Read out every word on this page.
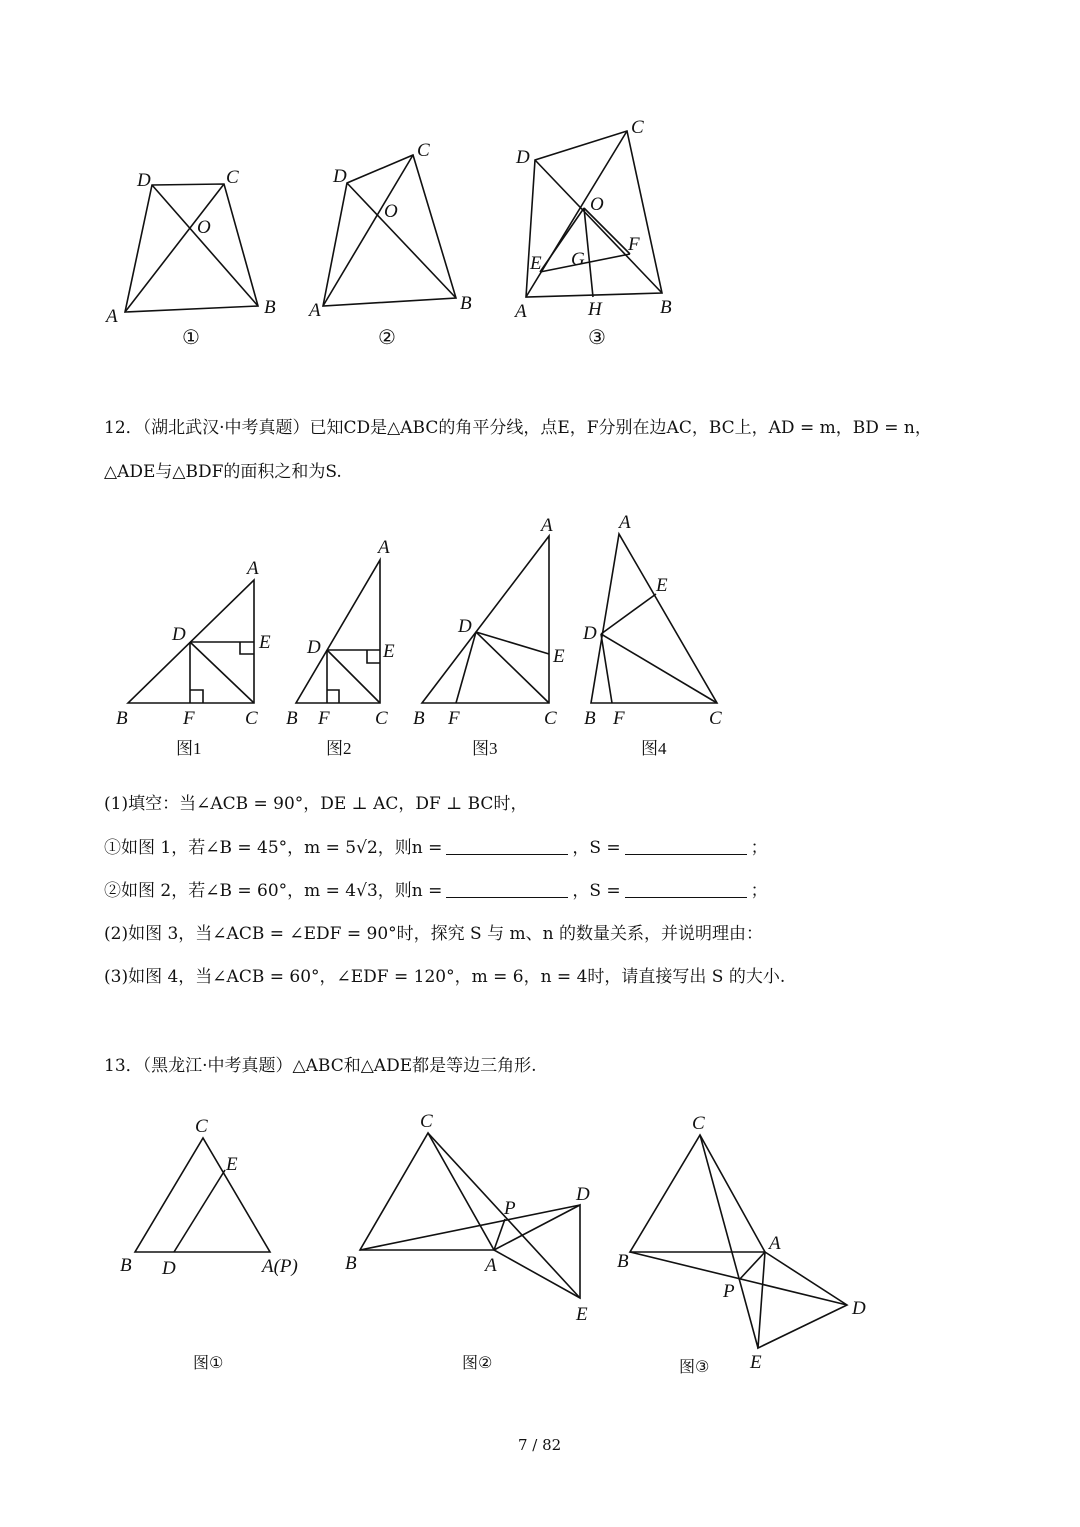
A	B
C
D
O
①
A	B
C
D
O
②
A	B
C
D
O
E
F
G
H
③
12．（湖北武汉·中考真题）已知CD是△ABC的角平分线，点E，F分别在边AC，BC上，AD = m，BD = n，
△ADE与△BDF的面积之和为S.
B	F	C
A
D	E
图1
B F C
A
D	E
图2
B F	C
A
D
E
图3
B F	C
A
D
E
图4
(1)填空：当∠ACB = 90°，DE ⊥ AC，DF ⊥ BC时，
①如图 1，若∠B = 45°，m = 5√2，则n =	，S =	；
②如图 2，若∠B = 60°，m = 4√3，则n =	，S =	；
(2)如图 3，当∠ACB = ∠EDF = 90°时，探究 S 与 m、n 的数量关系，并说明理由：
(3)如图 4，当∠ACB = 60°，∠EDF = 120°，m = 6，n = 4时，请直接写出 S 的大小.
13．（黑龙江·中考真题）△ABC和△ADE都是等边三角形.
B D	A(P)
C
E
图①
B	A
C
P
D
E
图②
B
A
C
P
D
E
图③
7 / 82
